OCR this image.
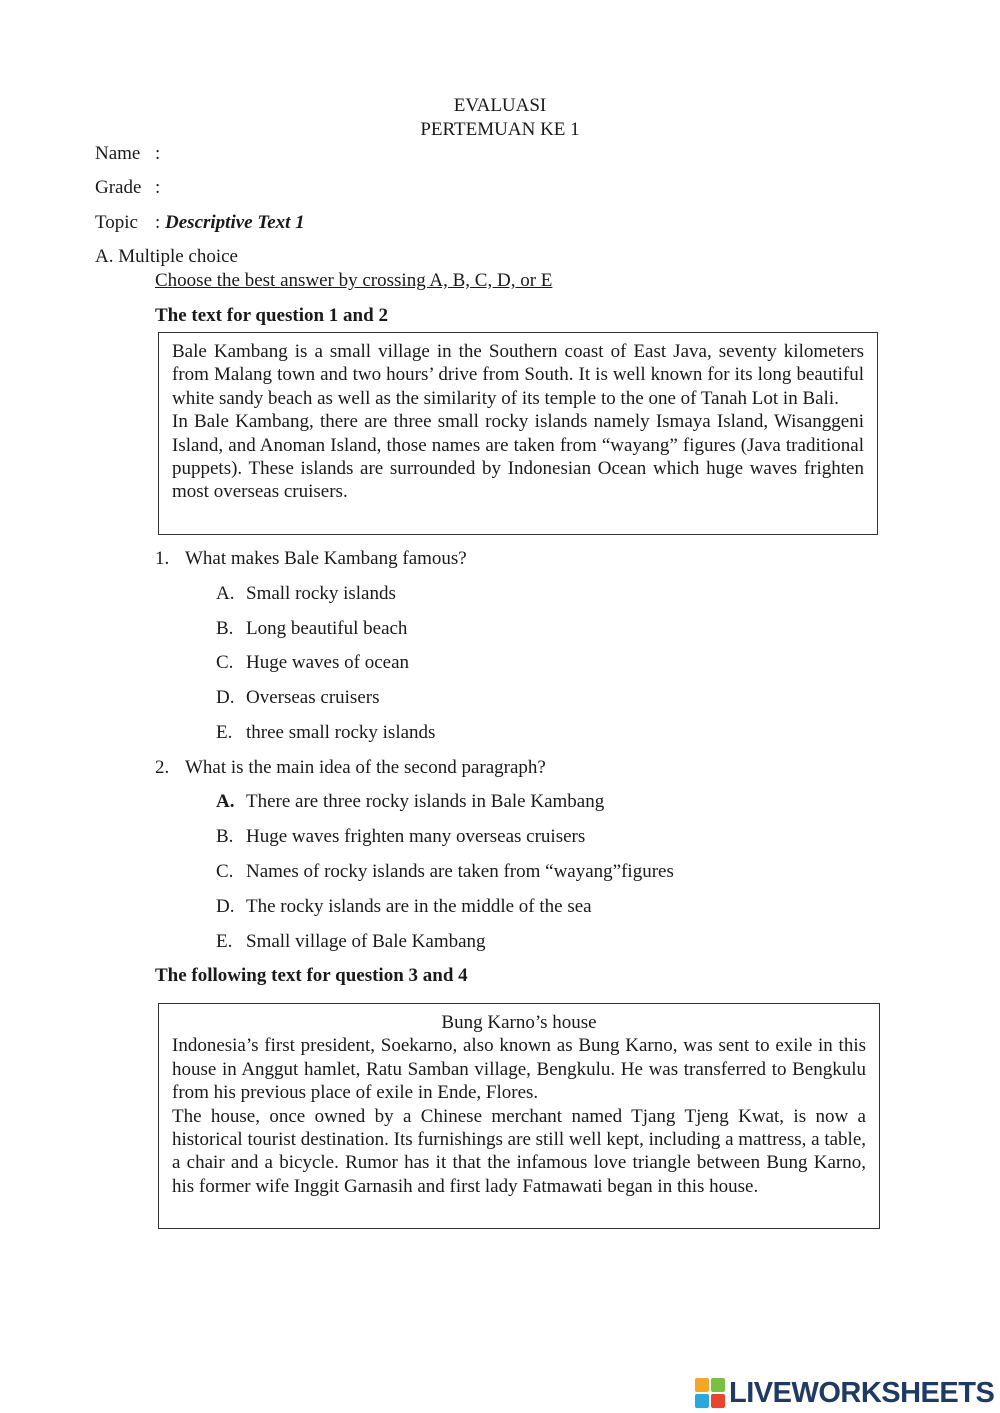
EVALUASI
PERTEMUAN KE 1
Name :
Grade :
Topic : Descriptive Text 1
A. Multiple choice
Choose the best answer by crossing A, B, C, D, or E
The text for question 1 and 2

Bale Kambang is a small village in the Southern coast of East Java, seventy kilometers from Malang town and two hours’ drive from South. It is well known for its long beautiful white sandy beach as well as the similarity of its temple to the one of Tanah Lot in Bali.

In Bale Kambang, there are three small rocky islands namely Ismaya Island, Wisanggeni Island, and Anoman Island, those names are taken from “wayang” figures (Java traditional puppets). These islands are surrounded by Indonesian Ocean which huge waves frighten most overseas cruisers.

1. What makes Bale Kambang famous?
A. Small rocky islands
B. Long beautiful beach
C. Huge waves of ocean
D. Overseas cruisers
E. three small rocky islands
2. What is the main idea of the second paragraph?
A. There are three rocky islands in Bale Kambang
B. Huge waves frighten many overseas cruisers
C. Names of rocky islands are taken from “wayang”figures
D. The rocky islands are in the middle of the sea
E. Small village of Bale Kambang
The following text for question 3 and 4

Bung Karno’s house

Indonesia’s first president, Soekarno, also known as Bung Karno, was sent to exile in this house in Anggut hamlet, Ratu Samban village, Bengkulu. He was transferred to Bengkulu from his previous place of exile in Ende, Flores.

The house, once owned by a Chinese merchant named Tjang Tjeng Kwat, is now a historical tourist destination. Its furnishings are still well kept, including a mattress, a table, a chair and a bicycle. Rumor has it that the infamous love triangle between Bung Karno, his former wife Inggit Garnasih and first lady Fatmawati began in this house.

LIVEWORKSHEETS
